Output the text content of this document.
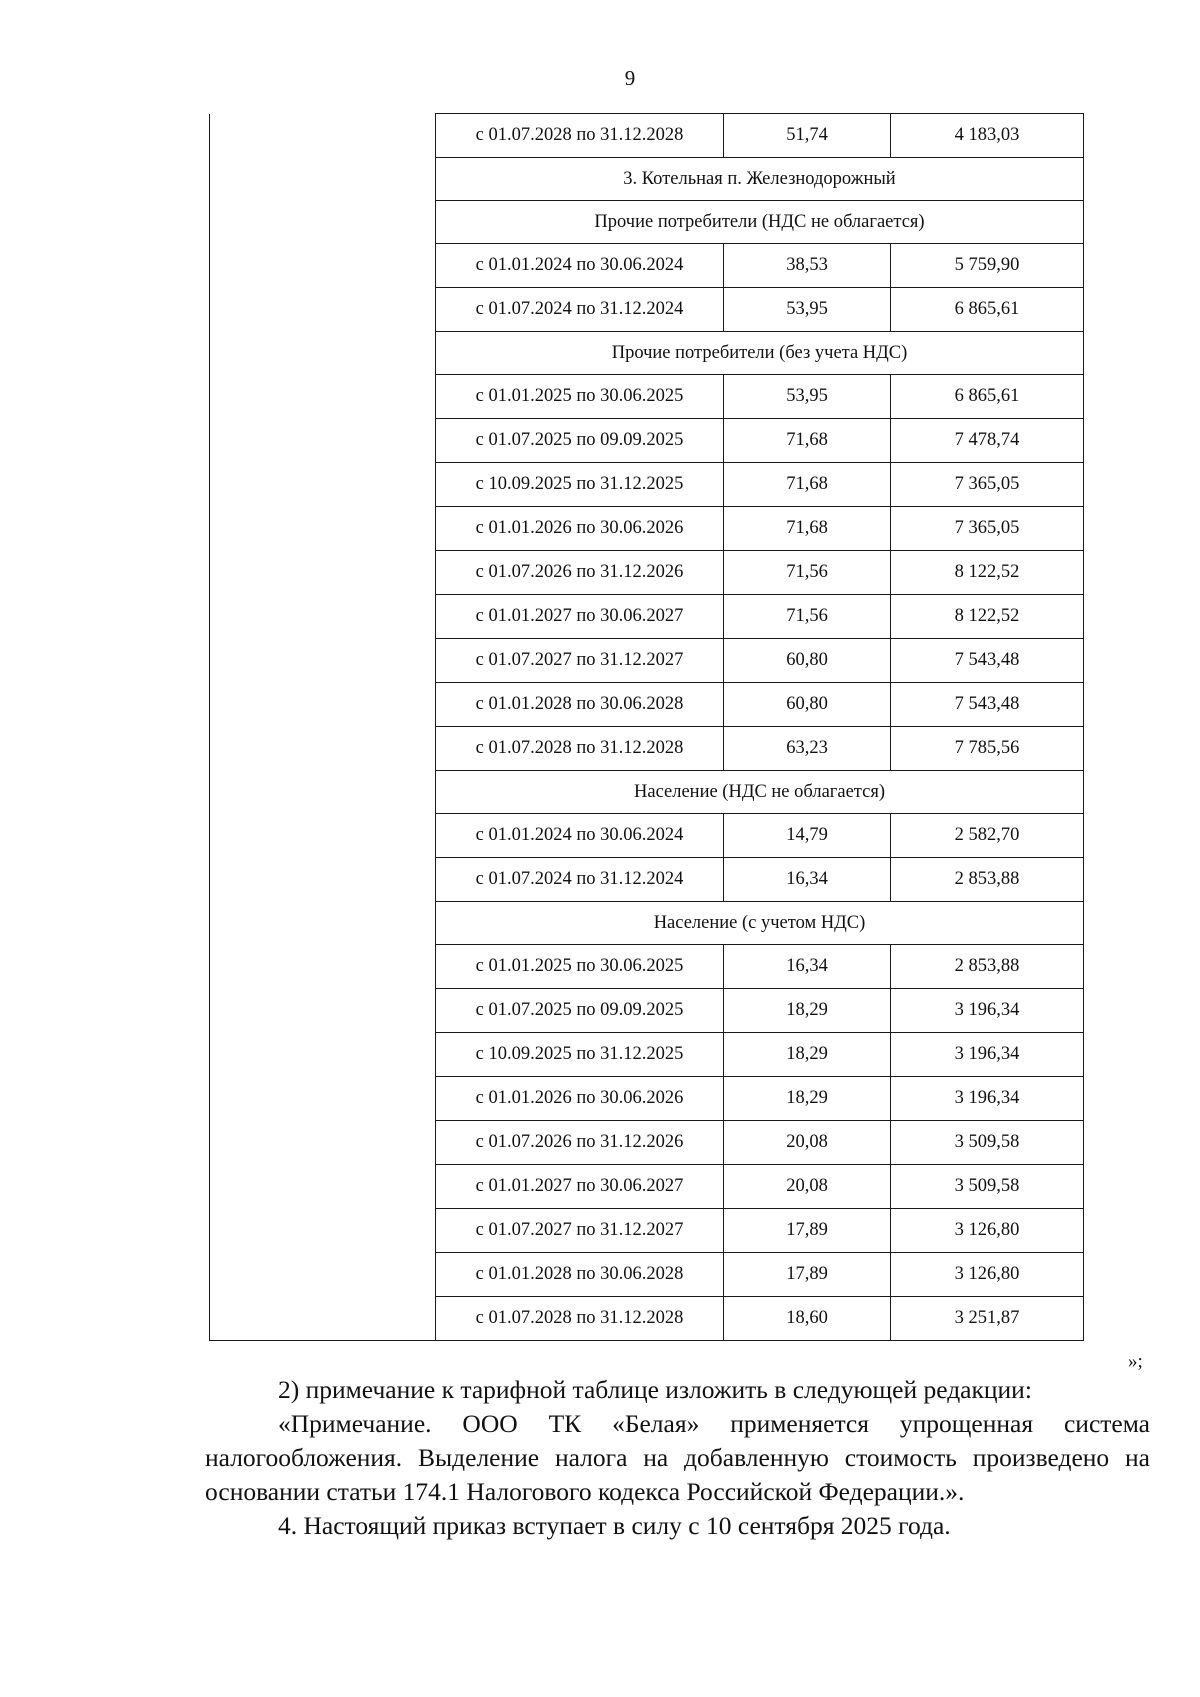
9
	с 01.07.2028 по 31.12.2028	51,74	4 183,03
	3. Котельная п. Железнодорожный		
	Прочие потребители (НДС не облагается)		
	с 01.01.2024 по 30.06.2024	38,53	5 759,90
	с 01.07.2024 по 31.12.2024	53,95	6 865,61
	Прочие потребители (без учета НДС)		
	с 01.01.2025 по 30.06.2025	53,95	6 865,61
	с 01.07.2025 по 09.09.2025	71,68	7 478,74
	с 10.09.2025 по 31.12.2025	71,68	7 365,05
	с 01.01.2026 по 30.06.2026	71,68	7 365,05
	с 01.07.2026 по 31.12.2026	71,56	8 122,52
	с 01.01.2027 по 30.06.2027	71,56	8 122,52
	с 01.07.2027 по 31.12.2027	60,80	7 543,48
	с 01.01.2028 по 30.06.2028	60,80	7 543,48
	с 01.07.2028 по 31.12.2028	63,23	7 785,56
	Население (НДС не облагается)		
	с 01.01.2024 по 30.06.2024	14,79	2 582,70
	с 01.07.2024 по 31.12.2024	16,34	2 853,88
	Население (с учетом НДС)		
	с 01.01.2025 по 30.06.2025	16,34	2 853,88
	с 01.07.2025 по 09.09.2025	18,29	3 196,34
	с 10.09.2025 по 31.12.2025	18,29	3 196,34
	с 01.01.2026 по 30.06.2026	18,29	3 196,34
	с 01.07.2026 по 31.12.2026	20,08	3 509,58
	с 01.01.2027 по 30.06.2027	20,08	3 509,58
	с 01.07.2027 по 31.12.2027	17,89	3 126,80
	с 01.01.2028 по 30.06.2028	17,89	3 126,80
	с 01.07.2028 по 31.12.2028	18,60	3 251,87
»;

2) примечание к тарифной таблице изложить в следующей редакции:

«Примечание. ООО ТК «Белая» применяется упрощенная система налогообложения. Выделение налога на добавленную стоимость произведено на основании статьи 174.1 Налогового кодекса Российской Федерации.».

4. Настоящий приказ вступает в силу с 10 сентября 2025 года.
